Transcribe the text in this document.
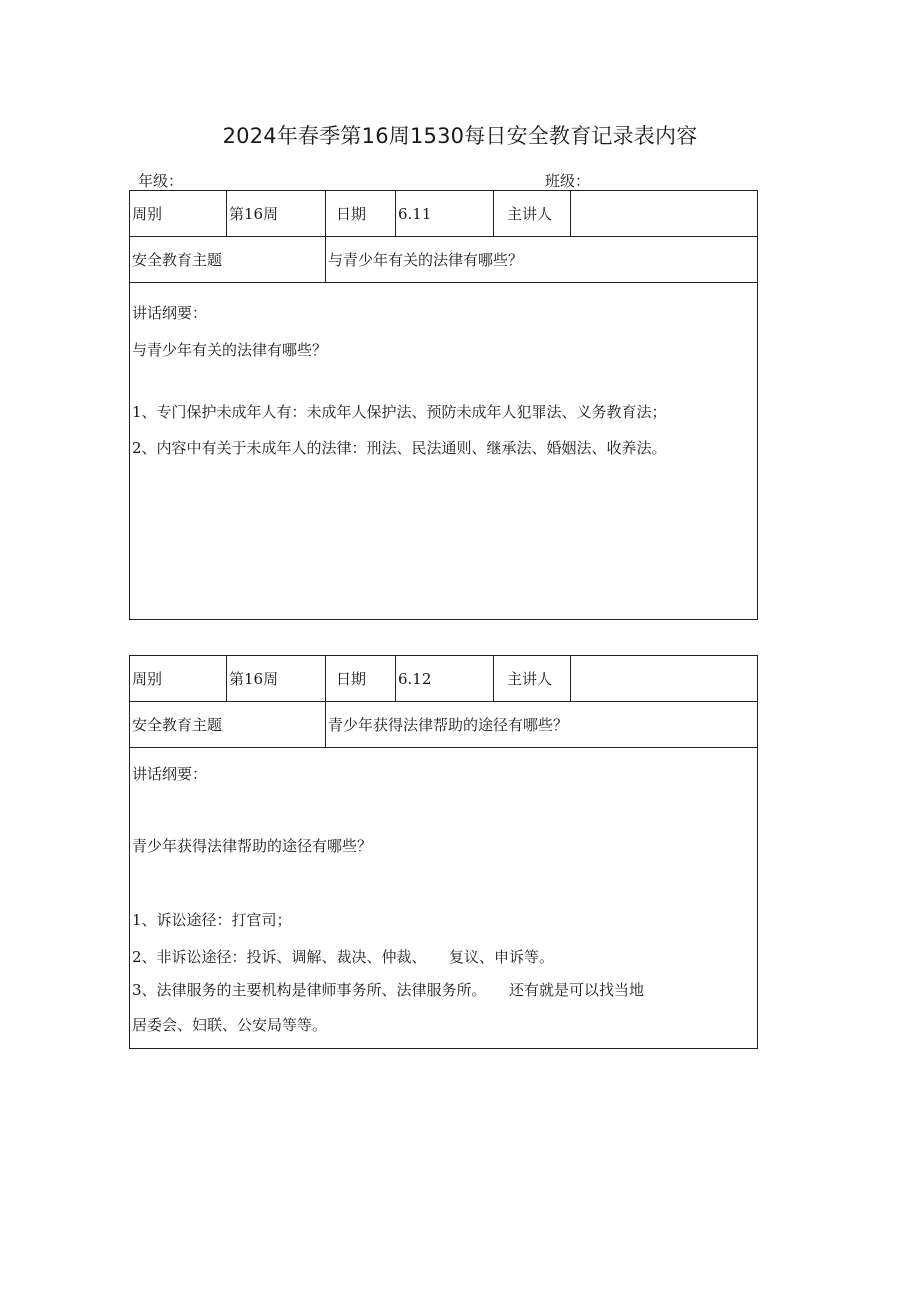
2024年春季第16周1530每日安全教育记录表内容
年级：	班级：
周别	第16周	日期	6.11	主讲人
安全教育主题	与青少年有关的法律有哪些？
讲话纲要：
与青少年有关的法律有哪些？
1、专门保护未成年人有：未成年人保护法、预防未成年人犯罪法、义务教育法；
2、内容中有关于未成年人的法律：刑法、民法通则、继承法、婚姻法、收养法。
周别	第16周	日期	6.12	主讲人
安全教育主题	青少年获得法律帮助的途径有哪些？
讲话纲要：
青少年获得法律帮助的途径有哪些？
1、诉讼途径：打官司；
2、非诉讼途径：投诉、调解、裁决、仲裁、　　复议、申诉等。
3、法律服务的主要机构是律师事务所、法律服务所。　　还有就是可以找当地
居委会、妇联、公安局等等。
